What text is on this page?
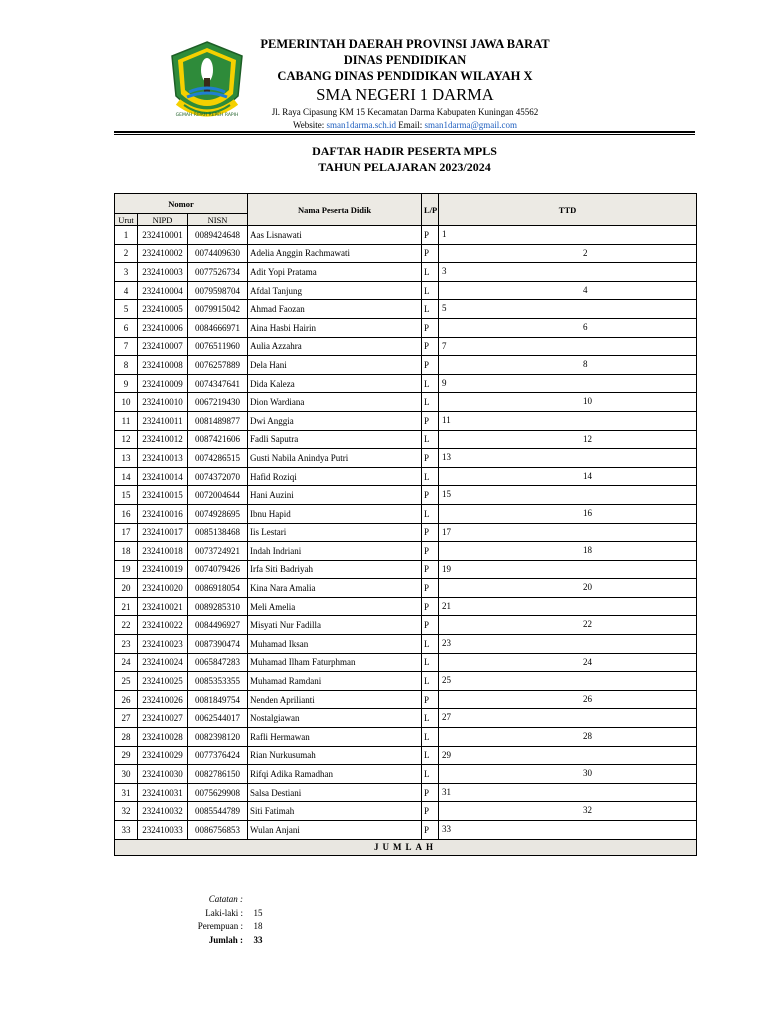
GEMAH RIPAH REPEH RAPIH
PEMERINTAH DAERAH PROVINSI JAWA BARAT
DINAS PENDIDIKAN
CABANG DINAS PENDIDIKAN WILAYAH X
SMA NEGERI 1 DARMA
Jl. Raya Cipasung KM 15 Kecamatan Darma Kabupaten Kuningan 45562
Website: sman1darma.sch.id Email: sman1darma@gmail.com
DAFTAR HADIR PESERTA MPLS
TAHUN PELAJARAN 2023/2024
Nomor			Nama Peserta Didik	L/P	TTD
Urut	NIPD	NISN			
1	232410001	0089424648	Aas Lisnawati	P	1

2	232410002	0074409630	Adelia Anggin Rachmawati	P	2

3	232410003	0077526734	Adit Yopi Pratama	L	3

4	232410004	0079598704	Afdal Tanjung	L	4

5	232410005	0079915042	Ahmad Faozan	L	5

6	232410006	0084666971	Aina Hasbi Hairin	P	6

7	232410007	0076511960	Aulia Azzahra	P	7

8	232410008	0076257889	Dela Hani	P	8

9	232410009	0074347641	Dida Kaleza	L	9

10	232410010	0067219430	Dion Wardiana	L	10

11	232410011	0081489877	Dwi Anggia	P	11

12	232410012	0087421606	Fadli Saputra	L	12

13	232410013	0074286515	Gusti Nabila Anindya Putri	P	13

14	232410014	0074372070	Hafid Roziqi	L	14

15	232410015	0072004644	Hani Auzini	P	15

16	232410016	0074928695	Ibnu Hapid	L	16

17	232410017	0085138468	Iis Lestari	P	17

18	232410018	0073724921	Indah Indriani	P	18

19	232410019	0074079426	Irfa Siti Badriyah	P	19

20	232410020	0086918054	Kina Nara Amalia	P	20

21	232410021	0089285310	Meli Amelia	P	21

22	232410022	0084496927	Misyati Nur Fadilla	P	22

23	232410023	0087390474	Muhamad Iksan	L	23

24	232410024	0065847283	Muhamad Ilham Faturphman	L	24

25	232410025	0085353355	Muhamad Ramdani	L	25

26	232410026	0081849754	Nenden Aprilianti	P	26

27	232410027	0062544017	Nostalgiawan	L	27

28	232410028	0082398120	Rafli Hermawan	L	28

29	232410029	0077376424	Rian Nurkusumah	L	29

30	232410030	0082786150	Rifqi Adika Ramadhan	L	30

31	232410031	0075629908	Salsa Destiani	P	31

32	232410032	0085544789	Siti Fatimah	P	32

33	232410033	0086756853	Wulan Anjani	P	33

JUMLAH					
Catatan :
Laki-laki :	15
Perempuan :	18
Jumlah :	33
